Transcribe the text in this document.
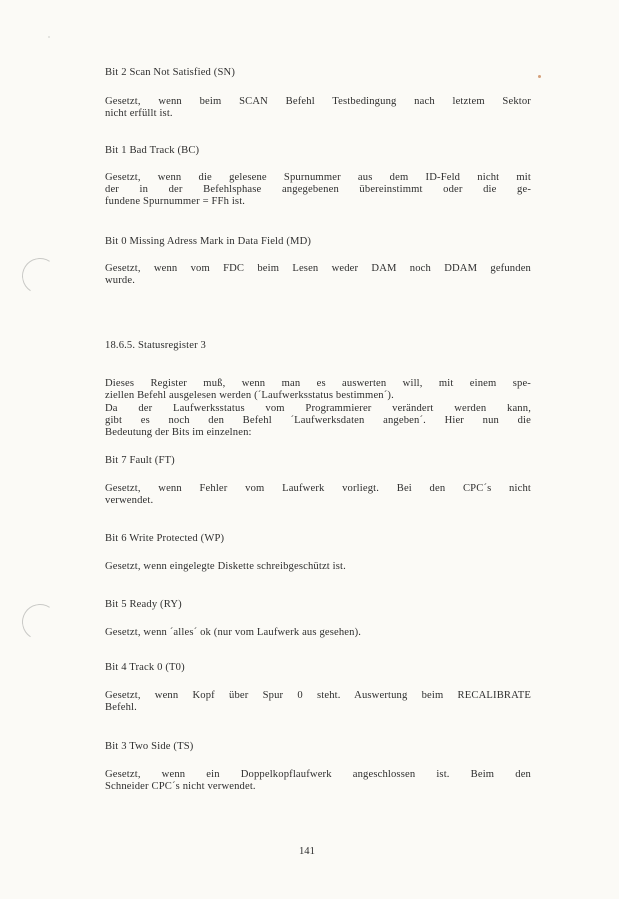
Bit 2 Scan Not Satisfied (SN)
Gesetzt, wenn beim SCAN Befehl Testbedingung nach letztem Sektor
nicht erfüllt ist.
Bit 1 Bad Track (BC)
Gesetzt, wenn die gelesene Spurnummer aus dem ID-Feld nicht mit
der in der Befehlsphase angegebenen übereinstimmt oder die ge-
fundene Spurnummer = FFh ist.
Bit 0 Missing Adress Mark in Data Field (MD)
Gesetzt, wenn vom FDC beim Lesen weder DAM noch DDAM gefunden
wurde.
18.6.5. Statusregister 3
Dieses Register muß, wenn man es auswerten will, mit einem spe-
ziellen Befehl ausgelesen werden (´Laufwerksstatus bestimmen´).
Da der Laufwerksstatus vom Programmierer verändert werden kann,
gibt es noch den Befehl ´Laufwerksdaten angeben´. Hier nun die
Bedeutung der Bits im einzelnen:
Bit 7 Fault (FT)
Gesetzt, wenn Fehler vom Laufwerk vorliegt. Bei den CPC´s nicht
verwendet.
Bit 6 Write Protected (WP)
Gesetzt, wenn eingelegte Diskette schreibgeschützt ist.
Bit 5 Ready (RY)
Gesetzt, wenn ´alles´ ok (nur vom Laufwerk aus gesehen).
Bit 4 Track 0 (T0)
Gesetzt, wenn Kopf über Spur 0 steht. Auswertung beim RECALIBRATE
Befehl.
Bit 3 Two Side (TS)
Gesetzt, wenn ein Doppelkopflaufwerk angeschlossen ist. Beim den
Schneider CPC´s nicht verwendet.
141
